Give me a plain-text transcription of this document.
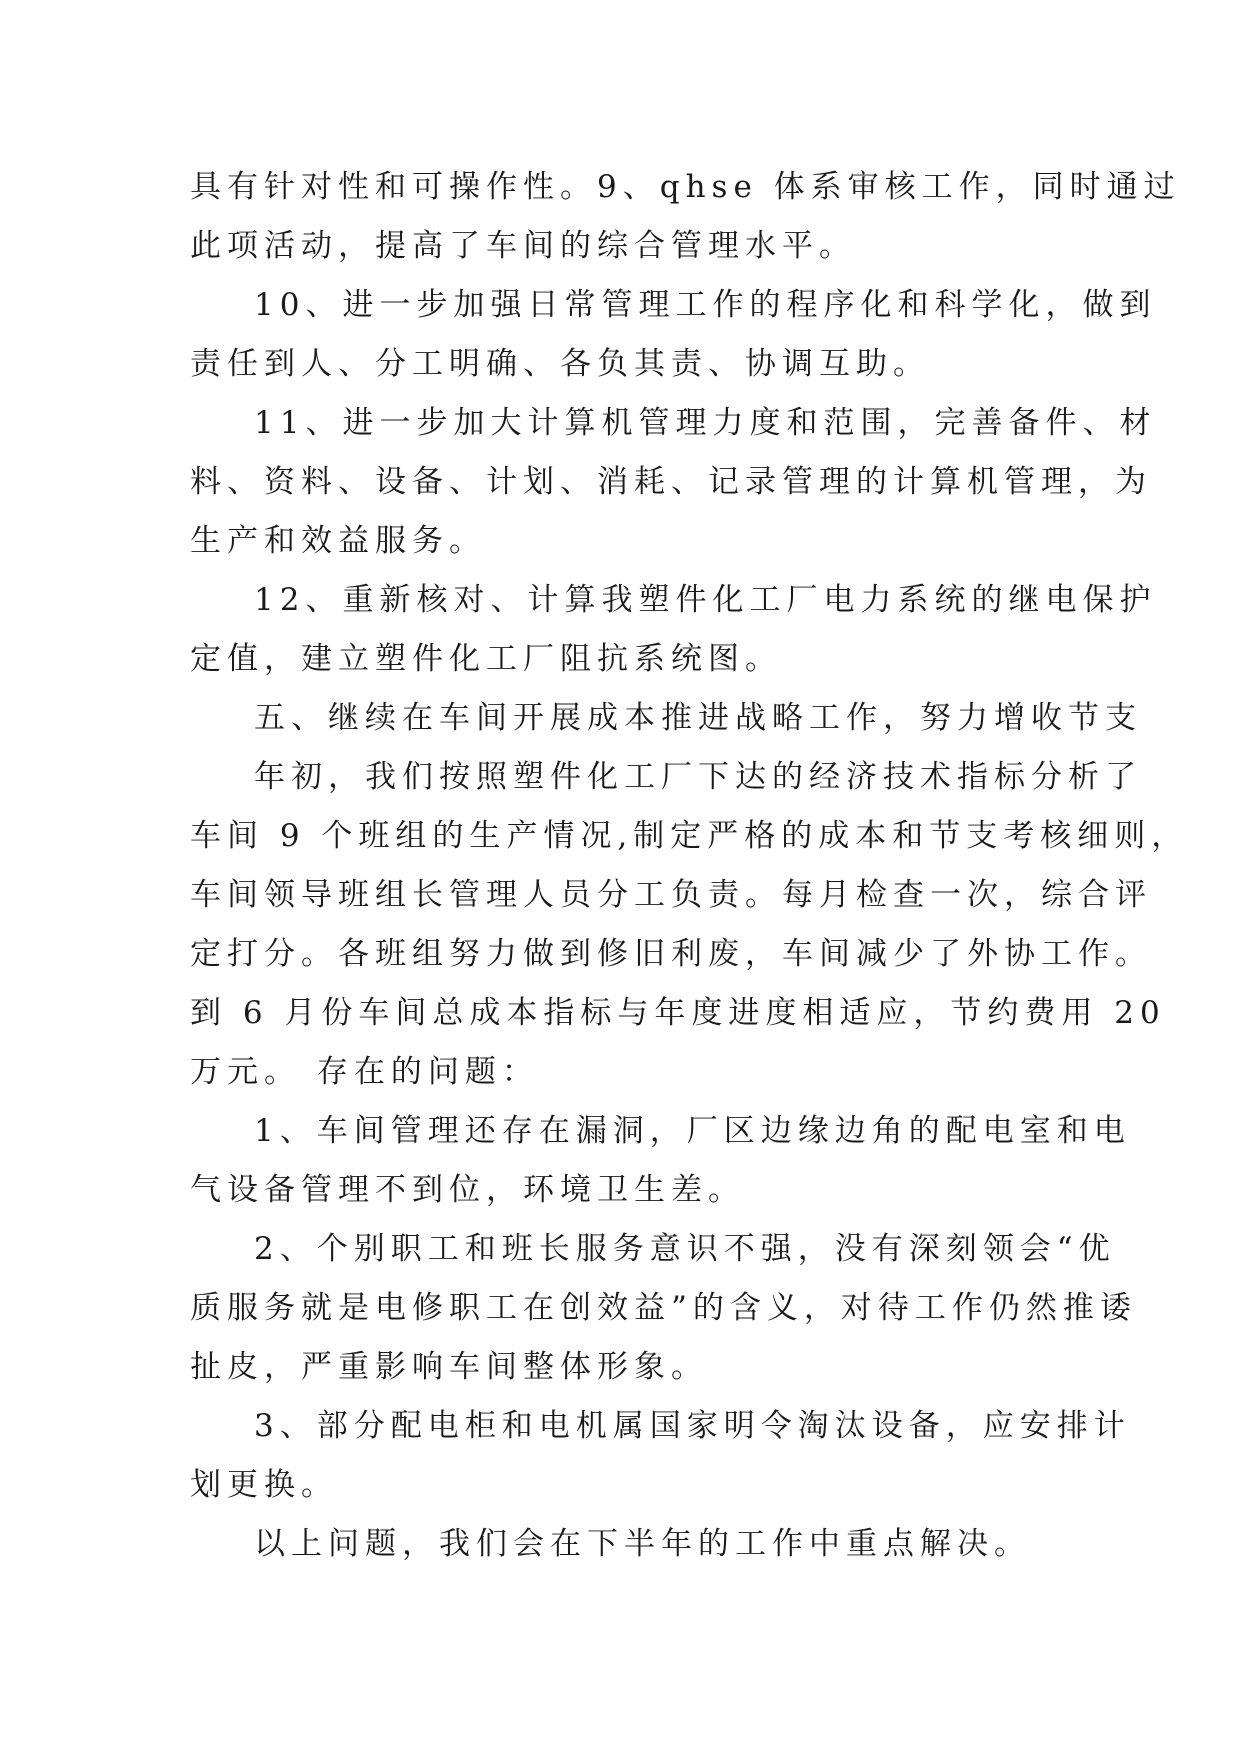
具有针对性和可操作性。9、qhse 体系审核工作，同时通过
此项活动，提高了车间的综合管理水平。
10、进一步加强日常管理工作的程序化和科学化，做到
责任到人、分工明确、各负其责、协调互助。
11、进一步加大计算机管理力度和范围，完善备件、材
料、资料、设备、计划、消耗、记录管理的计算机管理，为
生产和效益服务。
12、重新核对、计算我塑件化工厂电力系统的继电保护
定值，建立塑件化工厂阻抗系统图。
五、继续在车间开展成本推进战略工作，努力增收节支
年初，我们按照塑件化工厂下达的经济技术指标分析了
车间 9 个班组的生产情况,制定严格的成本和节支考核细则，
车间领导班组长管理人员分工负责。每月检查一次，综合评
定打分。各班组努力做到修旧利废，车间减少了外协工作。
到 6 月份车间总成本指标与年度进度相适应，节约费用 20
万元。 存在的问题：
1、车间管理还存在漏洞，厂区边缘边角的配电室和电
气设备管理不到位，环境卫生差。
2、个别职工和班长服务意识不强，没有深刻领会“优
质服务就是电修职工在创效益”的含义，对待工作仍然推诿
扯皮，严重影响车间整体形象。
3、部分配电柜和电机属国家明令淘汰设备，应安排计
划更换。
以上问题，我们会在下半年的工作中重点解决。
